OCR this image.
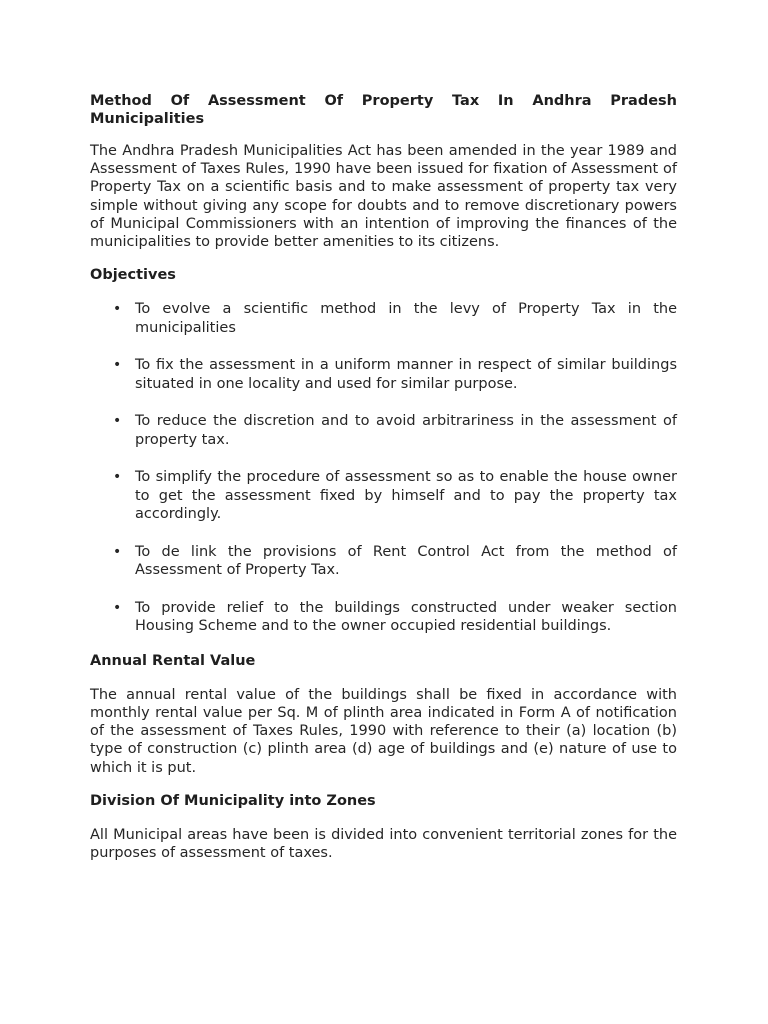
Method Of Assessment Of Property Tax In Andhra Pradesh Municipalities

The Andhra Pradesh Municipalities Act has been amended in the year 1989 and Assessment of Taxes Rules, 1990 have been issued for fixation of Assessment of Property Tax on a scientific basis and to make assessment of property tax very simple without giving any scope for doubts and to remove discretionary powers of Municipal Commissioners with an intention of improving the finances of the municipalities to provide better amenities to its citizens.

Objectives
• To evolve a scientific method in the levy of Property Tax in the municipalities
• To fix the assessment in a uniform manner in respect of similar buildings situated in one locality and used for similar purpose.
• To reduce the discretion and to avoid arbitrariness in the assessment of property tax.
• To simplify the procedure of assessment so as to enable the house owner to get the assessment fixed by himself and to pay the property tax accordingly.
• To de link the provisions of Rent Control Act from the method of Assessment of Property Tax.
• To provide relief to the buildings constructed under weaker section Housing Scheme and to the owner occupied residential buildings.
Annual Rental Value

The annual rental value of the buildings shall be fixed in accordance with monthly rental value per Sq. M of plinth area indicated in Form A of notification of the assessment of Taxes Rules, 1990 with reference to their (a) location (b) type of construction (c) plinth area (d) age of buildings and (e) nature of use to which it is put.

Division Of Municipality into Zones

All Municipal areas have been is divided into convenient territorial zones for the purposes of assessment of taxes.
